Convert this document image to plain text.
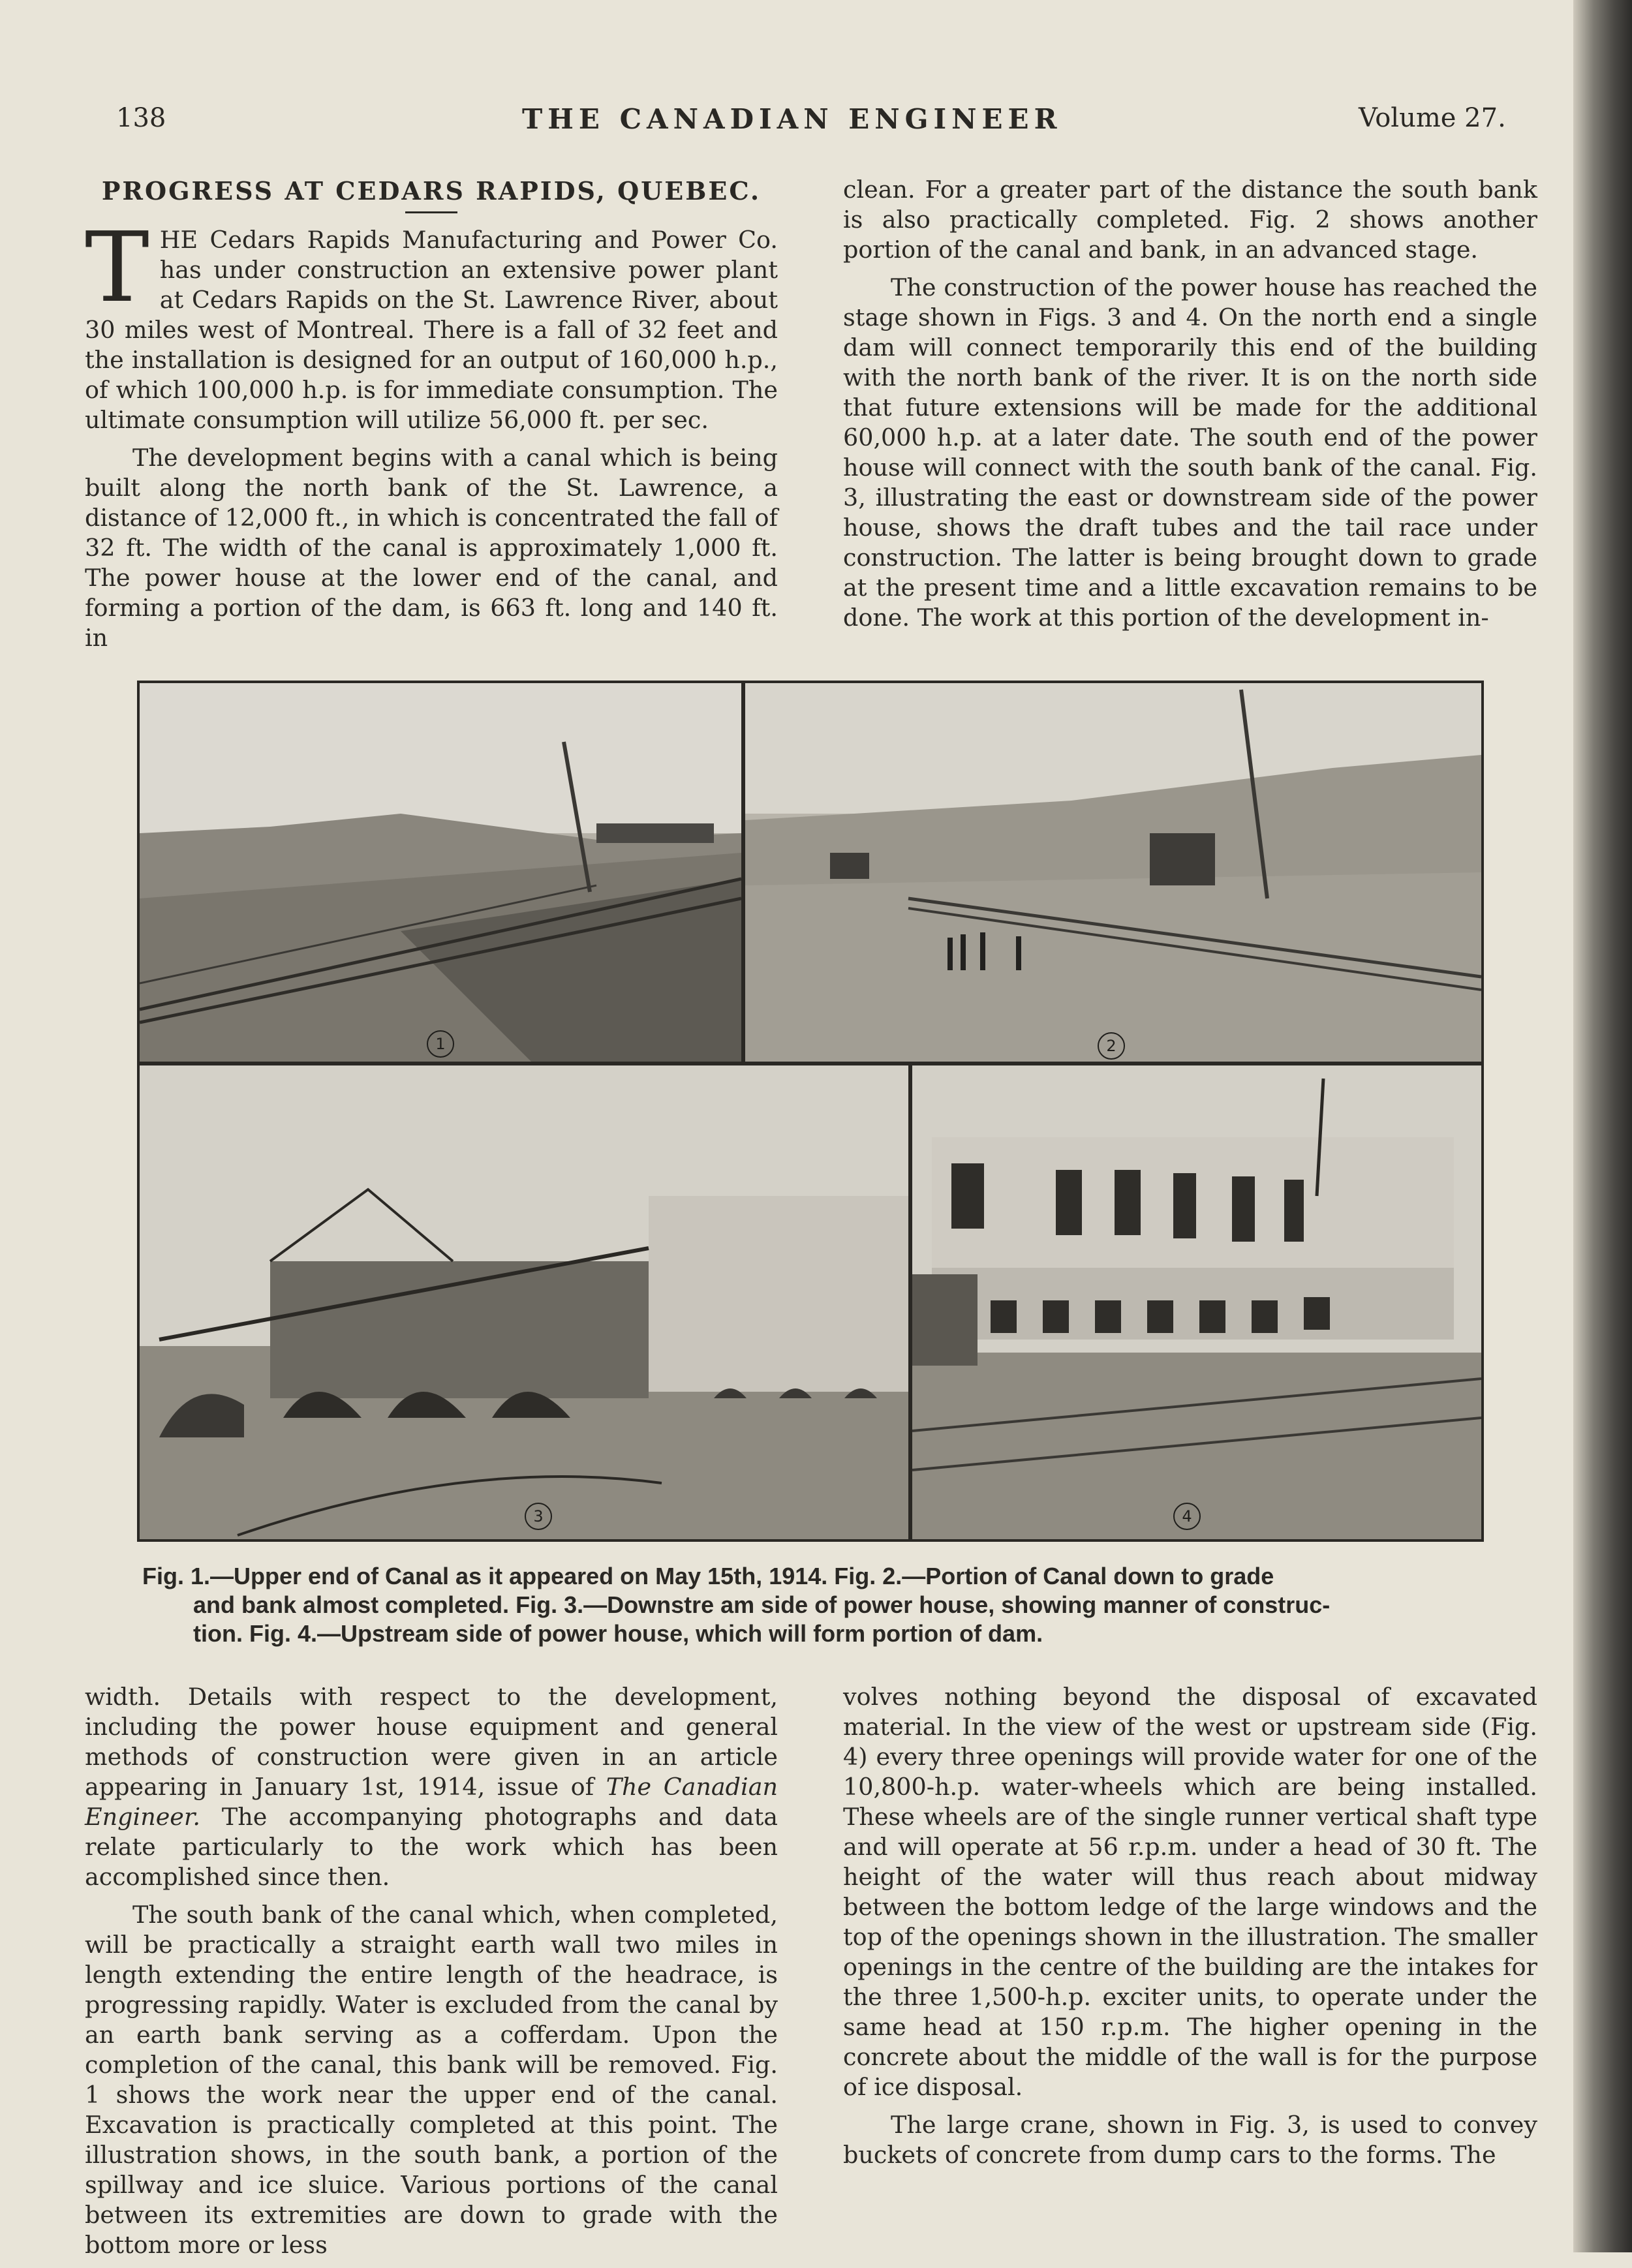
138	THE CANADIAN ENGINEER	Volume 27.
PROGRESS AT CEDARS RAPIDS, QUEBEC.

THE Cedars Rapids Manufacturing and Power Co. has under construction an extensive power plant at Cedars Rapids on the St. Lawrence River, about 30 miles west of Montreal. There is a fall of 32 feet and the installation is designed for an output of 160,000 h.p., of which 100,000 h.p. is for immediate consumption. The ultimate consumption will utilize 56,000 ft. per sec.

The development begins with a canal which is being built along the north bank of the St. Lawrence, a distance of 12,000 ft., in which is concentrated the fall of 32 ft. The width of the canal is approximately 1,000 ft. The power house at the lower end of the canal, and forming a portion of the dam, is 663 ft. long and 140 ft. in

clean. For a greater part of the distance the south bank is also practically completed. Fig. 2 shows another portion of the canal and bank, in an advanced stage.

The construction of the power house has reached the stage shown in Figs. 3 and 4. On the north end a single dam will connect temporarily this end of the building with the north bank of the river. It is on the north side that future extensions will be made for the additional 60,000 h.p. at a later date. The south end of the power house will connect with the south bank of the canal. Fig. 3, illustrating the east or downstream side of the power house, shows the draft tubes and the tail race under construction. The latter is being brought down to grade at the present time and a little excavation remains to be done. The work at this portion of the development in-

1	2
3	4
Fig. 1.—Upper end of Canal as it appeared on May 15th, 1914. Fig. 2.—Portion of Canal down to grade
and bank almost completed. Fig. 3.—Downstre am side of power house, showing manner of construc-
tion. Fig. 4.—Upstream side of power house, which will form portion of dam.

width. Details with respect to the development, including the power house equipment and general methods of construction were given in an article appearing in January 1st, 1914, issue of The Canadian Engineer. The accompanying photographs and data relate particularly to the work which has been accomplished since then.

The south bank of the canal which, when completed, will be practically a straight earth wall two miles in length extending the entire length of the headrace, is progressing rapidly. Water is excluded from the canal by an earth bank serving as a cofferdam. Upon the completion of the canal, this bank will be removed. Fig. 1 shows the work near the upper end of the canal. Excavation is practically completed at this point. The illustration shows, in the south bank, a portion of the spillway and ice sluice. Various portions of the canal between its extremities are down to grade with the bottom more or less

volves nothing beyond the disposal of excavated material. In the view of the west or upstream side (Fig. 4) every three openings will provide water for one of the 10,800-h.p. water-wheels which are being installed. These wheels are of the single runner vertical shaft type and will operate at 56 r.p.m. under a head of 30 ft. The height of the water will thus reach about midway between the bottom ledge of the large windows and the top of the openings shown in the illustration. The smaller openings in the centre of the building are the intakes for the three 1,500-h.p. exciter units, to operate under the same head at 150 r.p.m. The higher opening in the concrete about the middle of the wall is for the purpose of ice disposal.

The large crane, shown in Fig. 3, is used to convey buckets of concrete from dump cars to the forms. The
